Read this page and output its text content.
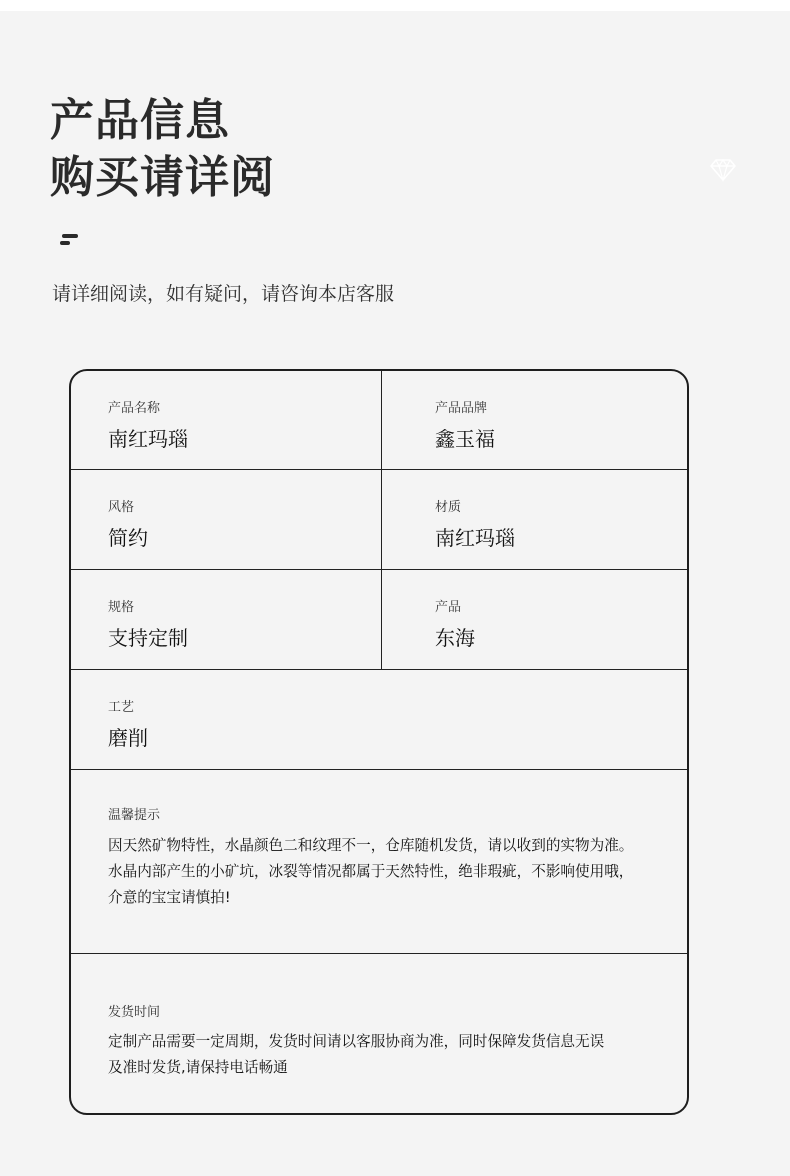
产品信息
购买请详阅
请详细阅读，如有疑问，请咨询本店客服
产品名称
南红玛瑙
产品品牌
鑫玉福
风格
简约
材质
南红玛瑙
规格
支持定制
产品
东海
工艺
磨削
温馨提示
因天然矿物特性，水晶颜色二和纹理不一，仓库随机发货，请以收到的实物为准。
水晶内部产生的小矿坑，冰裂等情况都属于天然特性，绝非瑕疵，不影响使用哦，
介意的宝宝请慎拍!
发货时间
定制产品需要一定周期，发货时间请以客服协商为准，同时保障发货信息无误
及准时发货,请保持电话畅通
